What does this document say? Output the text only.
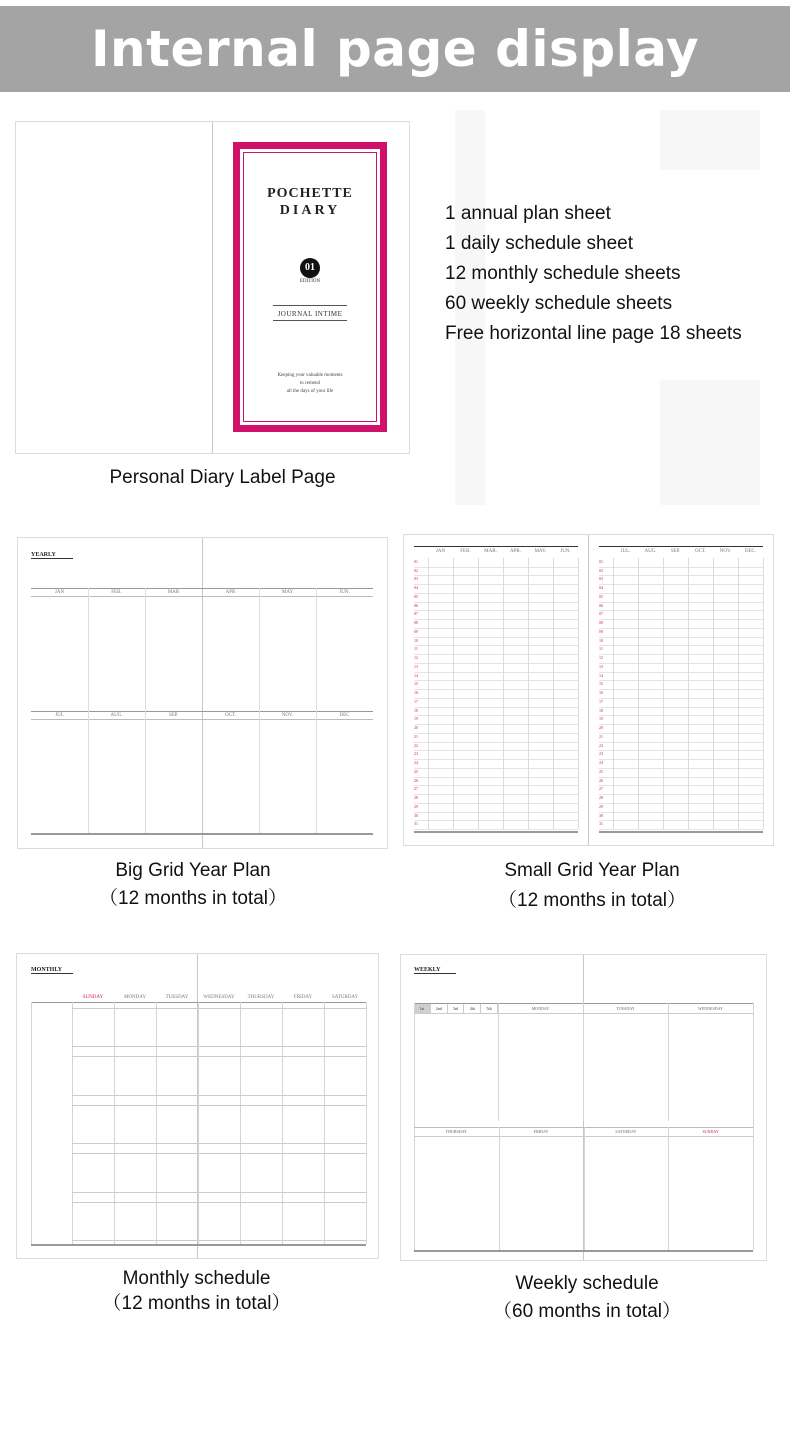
Internal page display
POCHETTE
DIARY
01
EDITION
JOURNAL INTIME
Keeping your valuable moments
to remend
all the days of your life
Personal Diary Label Page
1 annual plan sheet
1 daily schedule sheet
12 monthly schedule sheets
60 weekly schedule sheets
Free horizontal line page 18 sheets
YEARLY
JAN	FEB.	MAR	APR	MAY	JUN.
JUL	AUG.	SEP.	OCT.	NOV.	DEC
Big Grid Year Plan
（12 months in total）
JAN	FEB.	MAR.	APR.	MAY.	JUN.	JUL.	AUG.	SEP.	OCT.	NOV.	DEC.
01
02
03
04
05
06
07
08
09
10
11
12
13
14
15
16
17
18
19
20
21
22
23
24
25
26
27
28
29
30
31
01
02
03
04
05
06
07
08
09
10
11
12
13
14
15
16
17
18
19
20
21
22
23
24
25
26
27
28
29
30
31
Small Grid Year Plan
（12 months in total）
MONTHLY
SUNDAY	MONDAY	TUESDAY	WEDNESDAY	THURSDAY	FRIDAY	SATURDAY
Monthly schedule
（12 months in total）
WEEKLY
1st	2nd	3rd	4th	5th	MONDAY	TUESDAY	WEDNESDAY
THURSDAY	FRIDAY	SATURDAY	SUNDAY
Weekly schedule
（60 months in total）
